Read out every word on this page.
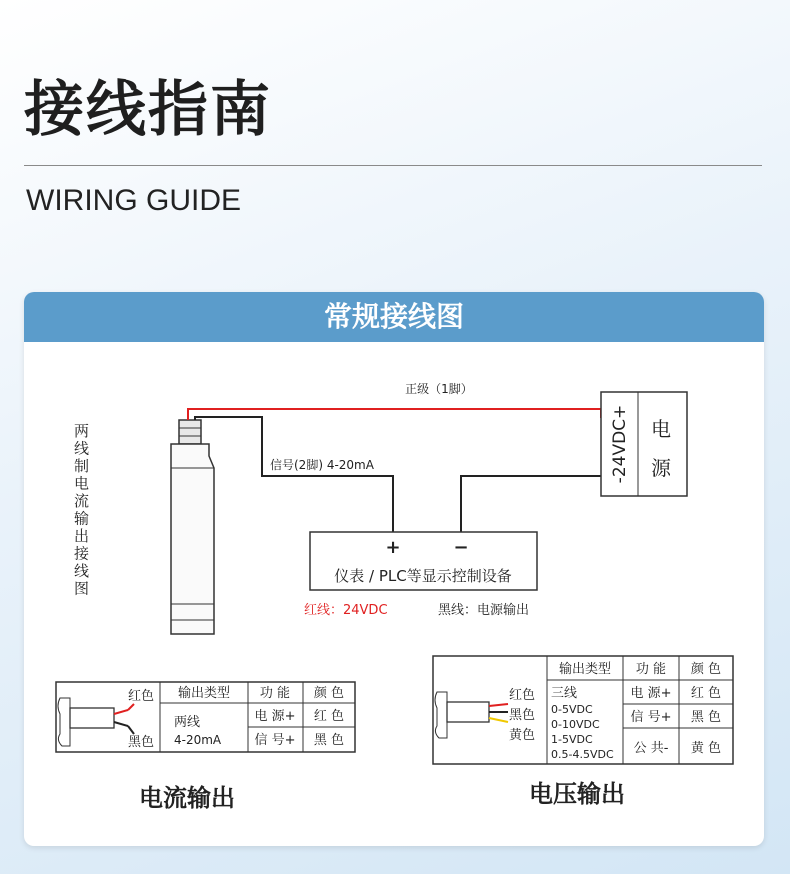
接线指南
WIRING GUIDE
常规接线图
两线制电流输出接线图
正级（1脚）
信号(2脚) 4-20mA	-24VDC+ 电
源
+	−
仪表 / PLC等显示控制设备
红线：24VDC	黑线：电源输出
红色
黑色
输出类型 功 能 颜 色
两线
4-20mA
电 源+ 红 色
信 号+ 黑 色
电流输出
红色
黑色
黄色
输出类型 功 能 颜 色
三线
0-5VDC
0-10VDC
1-5VDC
0.5-4.5VDC
电 源+ 红 色
信 号+ 黑 色
公 共- 黄 色
电压输出
